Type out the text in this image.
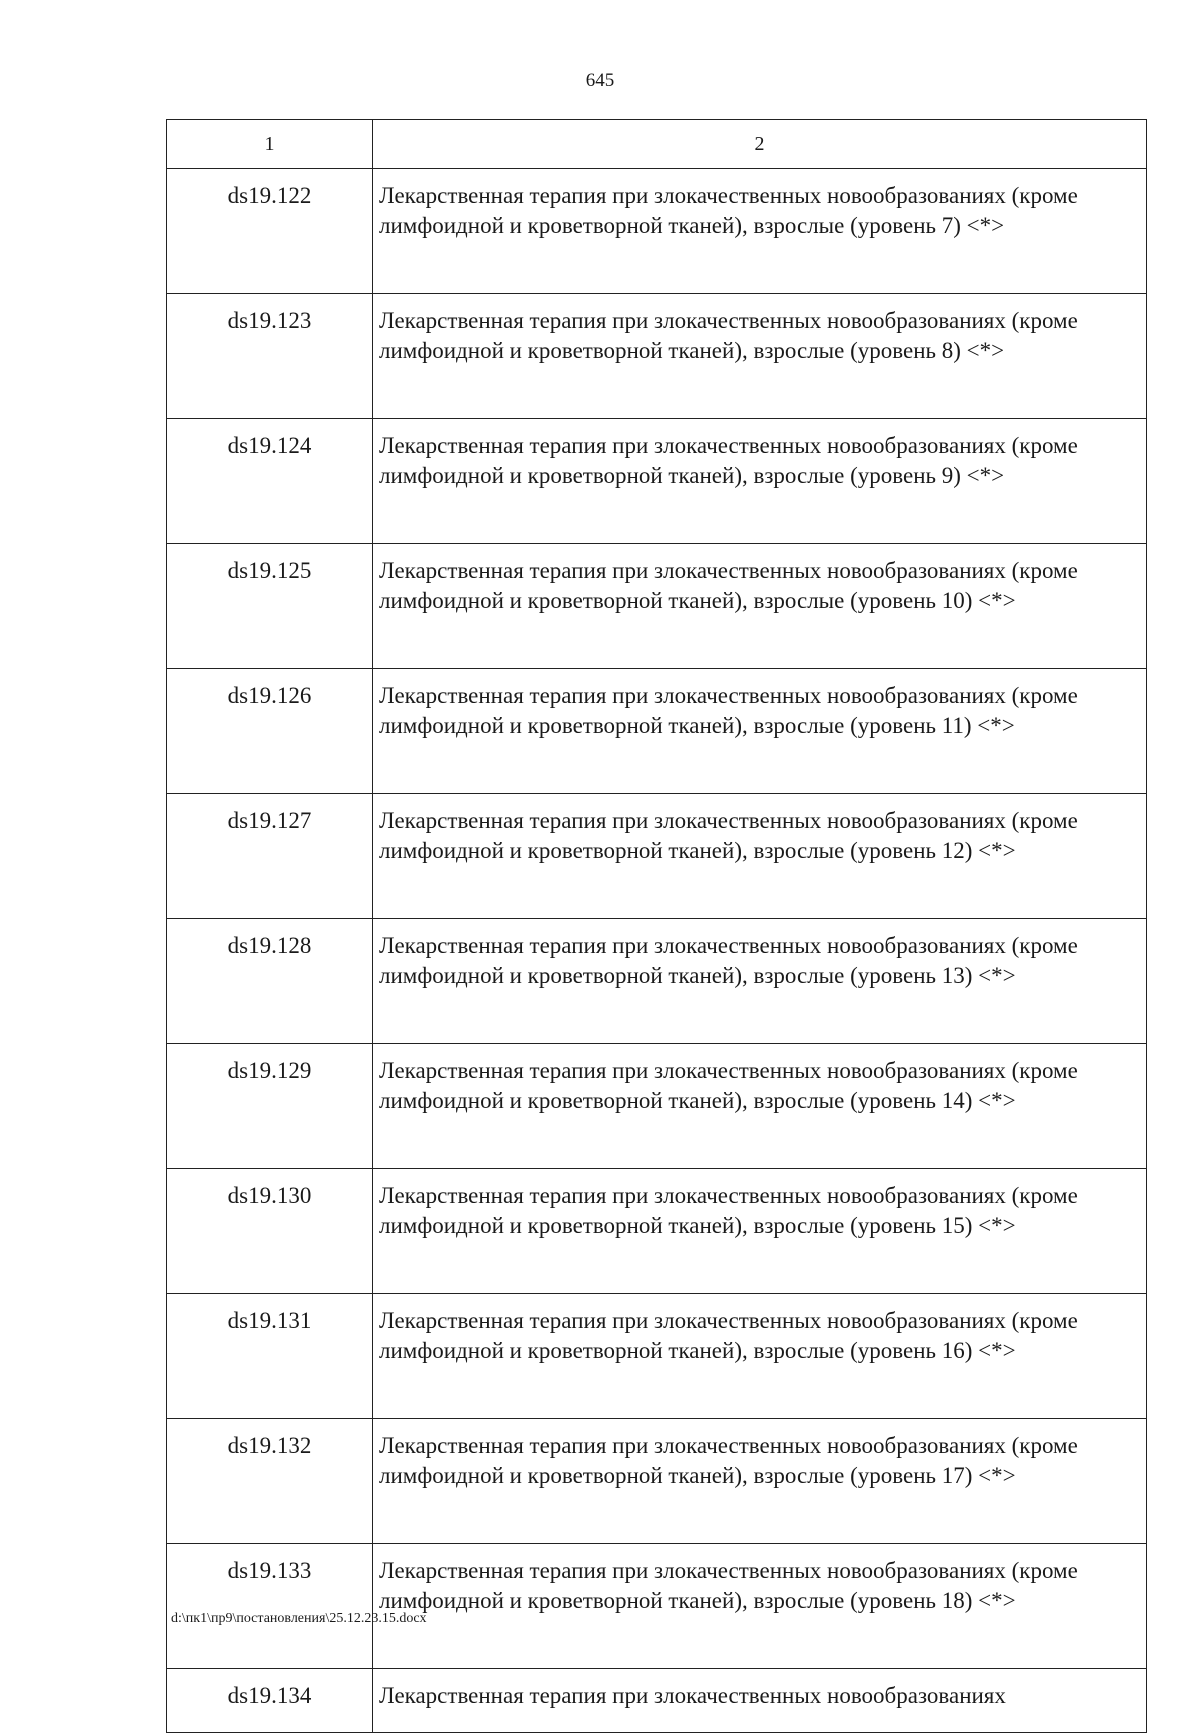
645
1	2
ds19.122	Лекарственная терапия при злокачественных новообразованиях (кроме лимфоидной и кроветворной тканей), взрослые (уровень 7) <*>
ds19.123	Лекарственная терапия при злокачественных новообразованиях (кроме лимфоидной и кроветворной тканей), взрослые (уровень 8) <*>
ds19.124	Лекарственная терапия при злокачественных новообразованиях (кроме лимфоидной и кроветворной тканей), взрослые (уровень 9) <*>
ds19.125	Лекарственная терапия при злокачественных новообразованиях (кроме лимфоидной и кроветворной тканей), взрослые (уровень 10) <*>
ds19.126	Лекарственная терапия при злокачественных новообразованиях (кроме лимфоидной и кроветворной тканей), взрослые (уровень 11) <*>
ds19.127	Лекарственная терапия при злокачественных новообразованиях (кроме лимфоидной и кроветворной тканей), взрослые (уровень 12) <*>
ds19.128	Лекарственная терапия при злокачественных новообразованиях (кроме лимфоидной и кроветворной тканей), взрослые (уровень 13) <*>
ds19.129	Лекарственная терапия при злокачественных новообразованиях (кроме лимфоидной и кроветворной тканей), взрослые (уровень 14) <*>
ds19.130	Лекарственная терапия при злокачественных новообразованиях (кроме лимфоидной и кроветворной тканей), взрослые (уровень 15) <*>
ds19.131	Лекарственная терапия при злокачественных новообразованиях (кроме лимфоидной и кроветворной тканей), взрослые (уровень 16) <*>
ds19.132	Лекарственная терапия при злокачественных новообразованиях (кроме лимфоидной и кроветворной тканей), взрослые (уровень 17) <*>
ds19.133	Лекарственная терапия при злокачественных новообразованиях (кроме лимфоидной и кроветворной тканей), взрослые (уровень 18) <*>
ds19.134	Лекарственная терапия при злокачественных новообразованиях
d:\пк1\пр9\постановления\25.12.23.15.docx
